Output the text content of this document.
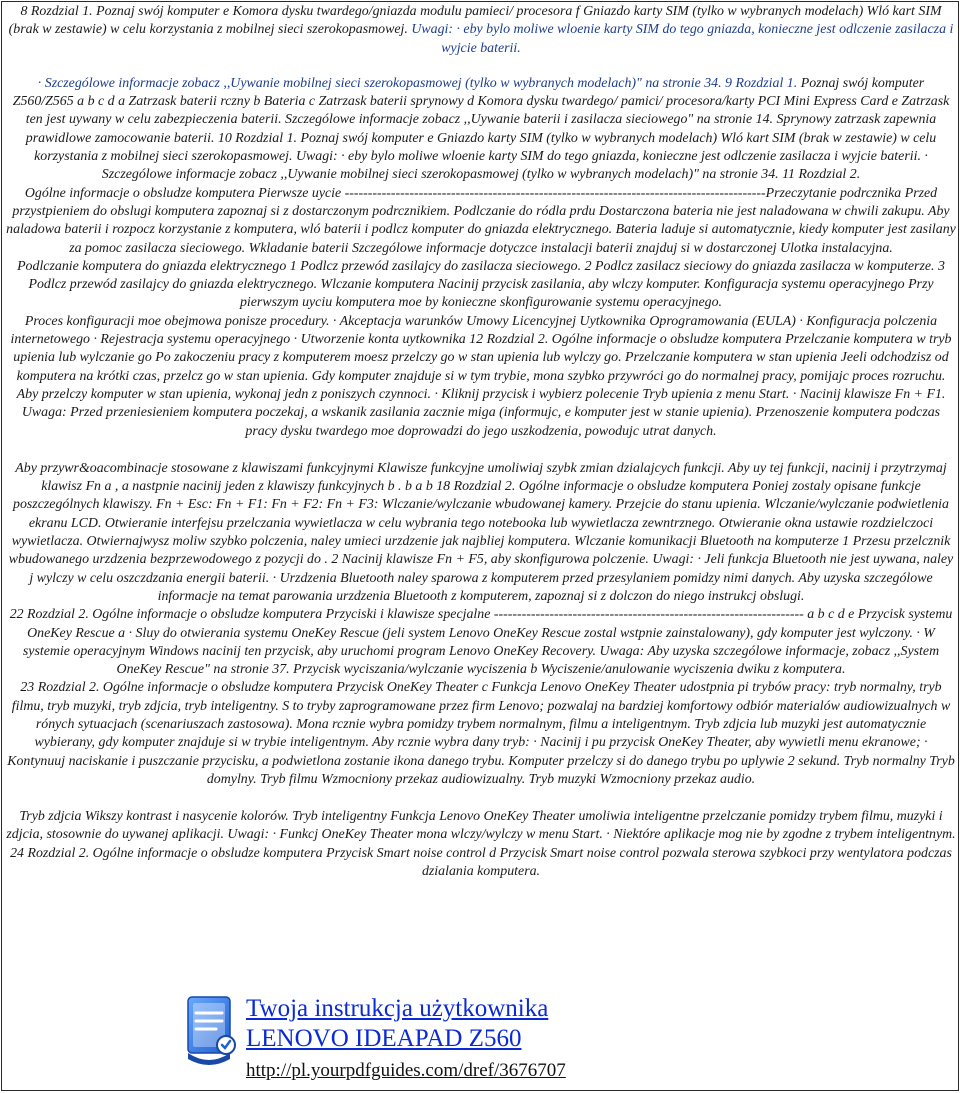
8 Rozdzial 1. Poznaj swój komputer e Komora dysku twardego/gniazda modulu pamieci/ procesora f Gniazdo karty SIM (tylko w wybranych modelach) Wló kart SIM (brak w zestawie) w celu korzystania z mobilnej sieci szerokopasmowej. Uwagi: · eby bylo moliwe wloenie karty SIM do tego gniazda, konieczne jest odlczenie zasilacza i wyjcie baterii.

· Szczególowe informacje zobacz ,,Uywanie mobilnej sieci szerokopasmowej (tylko w wybranych modelach)" na stronie 34. 9 Rozdzial 1. Poznaj swój komputer Z560/Z565 a b c d a Zatrzask baterii rczny b Bateria c Zatrzask baterii sprynowy d Komora dysku twardego/ pamici/ procesora/karty PCI Mini Express Card e Zatrzask ten jest uywany w celu zabezpieczenia baterii. Szczególowe informacje zobacz ,,Uywanie baterii i zasilacza sieciowego" na stronie 14. Sprynowy zatrzask zapewnia prawidlowe zamocowanie baterii. 10 Rozdzial 1. Poznaj swój komputer e Gniazdo karty SIM (tylko w wybranych modelach) Wló kart SIM (brak w zestawie) w celu korzystania z mobilnej sieci szerokopasmowej. Uwagi: · eby bylo moliwe wloenie karty SIM do tego gniazda, konieczne jest odlczenie zasilacza i wyjcie baterii. · Szczególowe informacje zobacz ,,Uywanie mobilnej sieci szerokopasmowej (tylko w wybranych modelach)" na stronie 34. 11 Rozdzial 2.

Ogólne informacje o obsludze komputera Pierwsze uycie -------------------------------------------------------------------------------------------Przeczytanie podrcznika Przed przystpieniem do obslugi komputera zapoznaj si z dostarczonym podrcznikiem. Podlczanie do ródla prdu Dostarczona bateria nie jest naladowana w chwili zakupu. Aby naladowa baterii i rozpocz korzystanie z komputera, wló baterii i podlcz komputer do gniazda elektrycznego. Bateria laduje si automatycznie, kiedy komputer jest zasilany za pomoc zasilacza sieciowego. Wkladanie baterii Szczególowe informacje dotyczce instalacji baterii znajduj si w dostarczonej Ulotka instalacyjna.

Podlczanie komputera do gniazda elektrycznego 1 Podlcz przewód zasilajcy do zasilacza sieciowego. 2 Podlcz zasilacz sieciowy do gniazda zasilacza w komputerze. 3 Podlcz przewód zasilajcy do gniazda elektrycznego. Wlczanie komputera Nacinij przycisk zasilania, aby wlczy komputer. Konfiguracja systemu operacyjnego Przy pierwszym uyciu komputera moe by konieczne skonfigurowanie systemu operacyjnego.

Proces konfiguracji moe obejmowa ponisze procedury. · Akceptacja warunków Umowy Licencyjnej Uytkownika Oprogramowania (EULA) · Konfiguracja polczenia internetowego · Rejestracja systemu operacyjnego · Utworzenie konta uytkownika 12 Rozdzial 2. Ogólne informacje o obsludze komputera Przelczanie komputera w tryb upienia lub wylczanie go Po zakoczeniu pracy z komputerem moesz przelczy go w stan upienia lub wylczy go. Przelczanie komputera w stan upienia Jeeli odchodzisz od komputera na krótki czas, przelcz go w stan upienia. Gdy komputer znajduje si w tym trybie, mona szybko przywróci go do normalnej pracy, pomijajc proces rozruchu. Aby przelczy komputer w stan upienia, wykonaj jedn z poniszych czynnoci. · Kliknij przycisk i wybierz polecenie Tryb upienia z menu Start. · Nacinij klawisze Fn + F1. Uwaga: Przed przeniesieniem komputera poczekaj, a wskanik zasilania zacznie miga (informujc, e komputer jest w stanie upienia). Przenoszenie komputera podczas pracy dysku twardego moe doprowadzi do jego uszkodzenia, powodujc utrat danych.

Aby przywr&oacombinacje stosowane z klawiszami funkcyjnymi Klawisze funkcyjne umoliwiaj szybk zmian dzialajcych funkcji. Aby uy tej funkcji, nacinij i przytrzymaj klawisz Fn a , a nastpnie nacinij jeden z klawiszy funkcyjnych b . b a b 18 Rozdzial 2. Ogólne informacje o obsludze komputera Poniej zostaly opisane funkcje poszczególnych klawiszy. Fn + Esc: Fn + F1: Fn + F2: Fn + F3: Wlczanie/wylczanie wbudowanej kamery. Przejcie do stanu upienia. Wlczanie/wylczanie podwietlenia ekranu LCD. Otwieranie interfejsu przelczania wywietlacza w celu wybrania tego notebooka lub wywietlacza zewntrznego. Otwieranie okna ustawie rozdzielczoci wywietlacza. Otwiernajwysz moliw szybko polczenia, naley umieci urzdzenie jak najbliej komputera. Wlczanie komunikacji Bluetooth na komputerze 1 Przesu przelcznik wbudowanego urzdzenia bezprzewodowego z pozycji do . 2 Nacinij klawisze Fn + F5, aby skonfigurowa polczenie. Uwagi: · Jeli funkcja Bluetooth nie jest uywana, naley j wylczy w celu oszczdzania energii baterii. · Urzdzenia Bluetooth naley sparowa z komputerem przed przesylaniem pomidzy nimi danych. Aby uzyska szczególowe informacje na temat parowania urzdzenia Bluetooth z komputerem, zapoznaj si z dolczon do niego instrukcj obslugi.

22 Rozdzial 2. Ogólne informacje o obsludze komputera Przyciski i klawisze specjalne ------------------------------------------------------------------- a b c d e Przycisk systemu OneKey Rescue a · Sluy do otwierania systemu OneKey Rescue (jeli system Lenovo OneKey Rescue zostal wstpnie zainstalowany), gdy komputer jest wylczony. · W systemie operacyjnym Windows nacinij ten przycisk, aby uruchomi program Lenovo OneKey Recovery. Uwaga: Aby uzyska szczególowe informacje, zobacz ,,System OneKey Rescue" na stronie 37. Przycisk wyciszania/wylczanie wyciszenia b Wyciszenie/anulowanie wyciszenia dwiku z komputera.

23 Rozdzial 2. Ogólne informacje o obsludze komputera Przycisk OneKey Theater c Funkcja Lenovo OneKey Theater udostpnia pi trybów pracy: tryb normalny, tryb filmu, tryb muzyki, tryb zdjcia, tryb inteligentny. S to tryby zaprogramowane przez firm Lenovo; pozwalaj na bardziej komfortowy odbiór materialów audiowizualnych w rónych sytuacjach (scenariuszach zastosowa). Mona rcznie wybra pomidzy trybem normalnym, filmu a inteligentnym. Tryb zdjcia lub muzyki jest automatycznie wybierany, gdy komputer znajduje si w trybie inteligentnym. Aby rcznie wybra dany tryb: · Nacinij i pu przycisk OneKey Theater, aby wywietli menu ekranowe; · Kontynuuj naciskanie i puszczanie przycisku, a podwietlona zostanie ikona danego trybu. Komputer przelczy si do danego trybu po uplywie 2 sekund. Tryb normalny Tryb domylny. Tryb filmu Wzmocniony przekaz audiowizualny. Tryb muzyki Wzmocniony przekaz audio.

Tryb zdjcia Wikszy kontrast i nasycenie kolorów. Tryb inteligentny Funkcja Lenovo OneKey Theater umoliwia inteligentne przelczanie pomidzy trybem filmu, muzyki i zdjcia, stosownie do uywanej aplikacji. Uwagi: · Funkcj OneKey Theater mona wlczy/wylczy w menu Start. · Niektóre aplikacje mog nie by zgodne z trybem inteligentnym. 24 Rozdzial 2. Ogólne informacje o obsludze komputera Przycisk Smart noise control d Przycisk Smart noise control pozwala sterowa szybkoci przy wentylatora podczas dzialania komputera.

Twoja instrukcja użytkownika
LENOVO IDEAPAD Z560
http://pl.yourpdfguides.com/dref/3676707
